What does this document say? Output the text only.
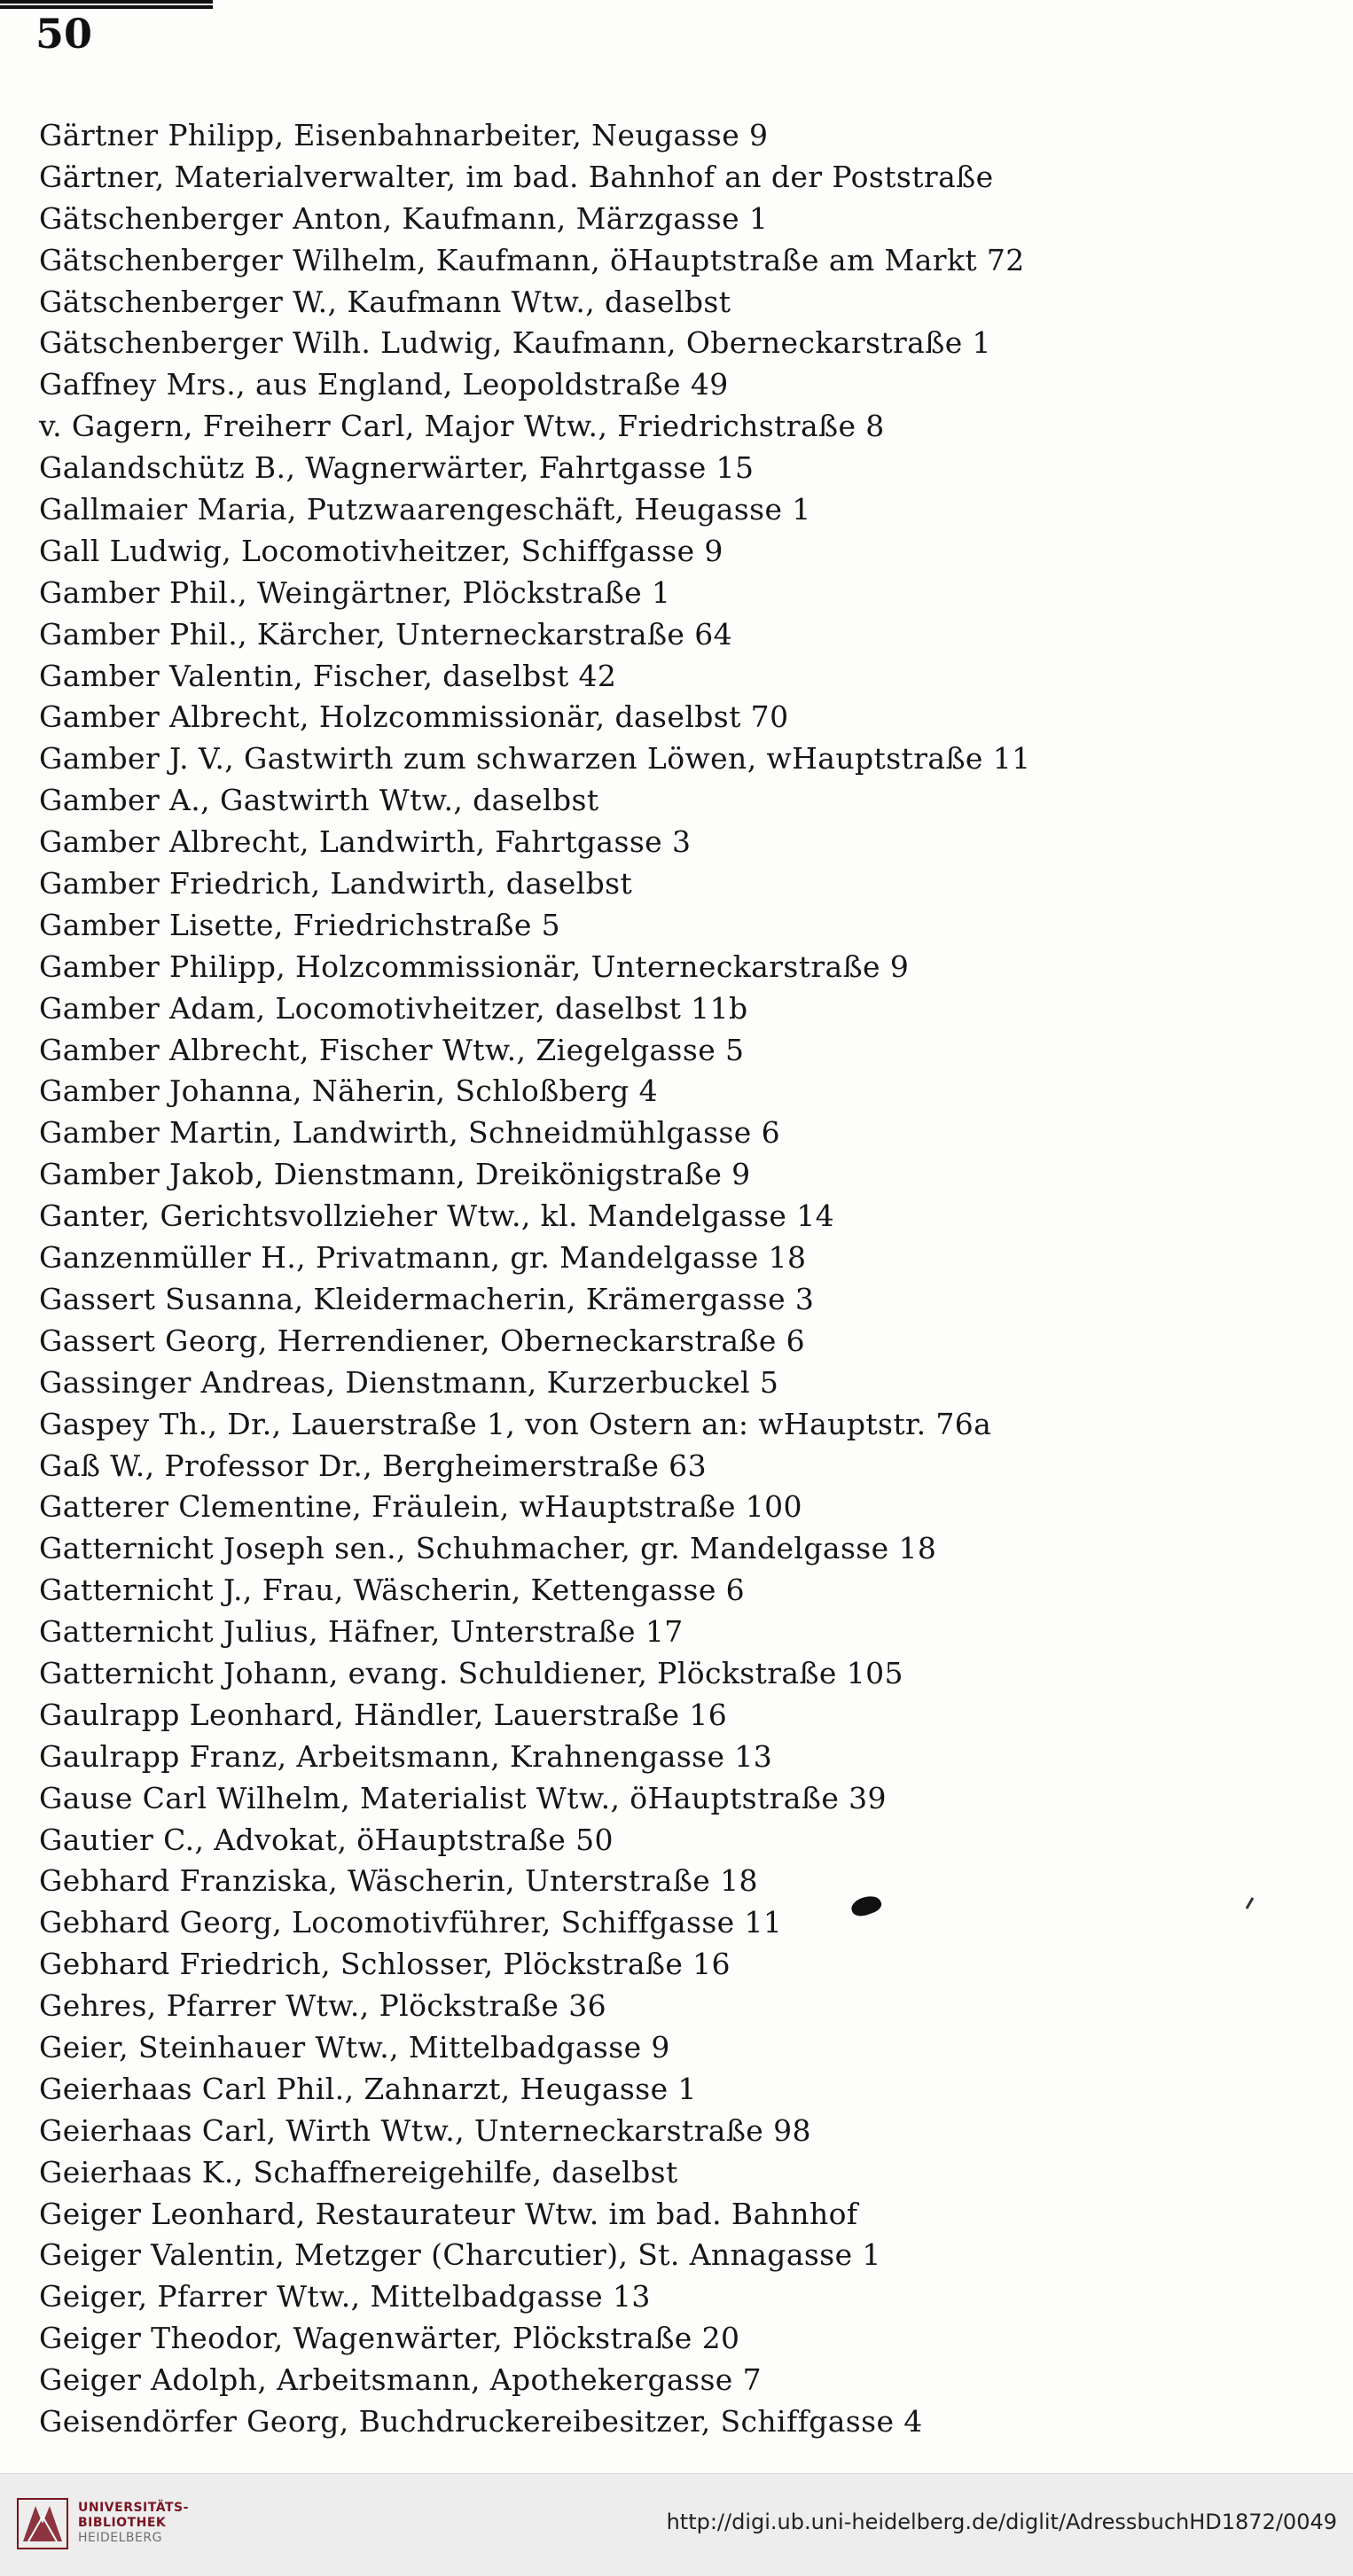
50
Gärtner Philipp, Eisenbahnarbeiter, Neugasse 9
Gärtner, Materialverwalter, im bad. Bahnhof an der Poststraße
Gätschenberger Anton, Kaufmann, Märzgasse 1
Gätschenberger Wilhelm, Kaufmann, öHauptstraße am Markt 72
Gätschenberger W., Kaufmann Wtw., daselbst
Gätschenberger Wilh. Ludwig, Kaufmann, Oberneckarstraße 1
Gaffney Mrs., aus England, Leopoldstraße 49
v. Gagern, Freiherr Carl, Major Wtw., Friedrichstraße 8
Galandschütz B., Wagnerwärter, Fahrtgasse 15
Gallmaier Maria, Putzwaarengeschäft, Heugasse 1
Gall Ludwig, Locomotivheitzer, Schiffgasse 9
Gamber Phil., Weingärtner, Plöckstraße 1
Gamber Phil., Kärcher, Unterneckarstraße 64
Gamber Valentin, Fischer, daselbst 42
Gamber Albrecht, Holzcommissionär, daselbst 70
Gamber J. V., Gastwirth zum schwarzen Löwen, wHauptstraße 11
Gamber A., Gastwirth Wtw., daselbst
Gamber Albrecht, Landwirth, Fahrtgasse 3
Gamber Friedrich, Landwirth, daselbst
Gamber Lisette, Friedrichstraße 5
Gamber Philipp, Holzcommissionär, Unterneckarstraße 9
Gamber Adam, Locomotivheitzer, daselbst 11b
Gamber Albrecht, Fischer Wtw., Ziegelgasse 5
Gamber Johanna, Näherin, Schloßberg 4
Gamber Martin, Landwirth, Schneidmühlgasse 6
Gamber Jakob, Dienstmann, Dreikönigstraße 9
Ganter, Gerichtsvollzieher Wtw., kl. Mandelgasse 14
Ganzenmüller H., Privatmann, gr. Mandelgasse 18
Gassert Susanna, Kleidermacherin, Krämergasse 3
Gassert Georg, Herrendiener, Oberneckarstraße 6
Gassinger Andreas, Dienstmann, Kurzerbuckel 5
Gaspey Th., Dr., Lauerstraße 1, von Ostern an: wHauptstr. 76a
Gaß W., Professor Dr., Bergheimerstraße 63
Gatterer Clementine, Fräulein, wHauptstraße 100
Gatternicht Joseph sen., Schuhmacher, gr. Mandelgasse 18
Gatternicht J., Frau, Wäscherin, Kettengasse 6
Gatternicht Julius, Häfner, Unterstraße 17
Gatternicht Johann, evang. Schuldiener, Plöckstraße 105
Gaulrapp Leonhard, Händler, Lauerstraße 16
Gaulrapp Franz, Arbeitsmann, Krahnengasse 13
Gause Carl Wilhelm, Materialist Wtw., öHauptstraße 39
Gautier C., Advokat, öHauptstraße 50
Gebhard Franziska, Wäscherin, Unterstraße 18
Gebhard Georg, Locomotivführer, Schiffgasse 11
Gebhard Friedrich, Schlosser, Plöckstraße 16
Gehres, Pfarrer Wtw., Plöckstraße 36
Geier, Steinhauer Wtw., Mittelbadgasse 9
Geierhaas Carl Phil., Zahnarzt, Heugasse 1
Geierhaas Carl, Wirth Wtw., Unterneckarstraße 98
Geierhaas K., Schaffnereigehilfe, daselbst
Geiger Leonhard, Restaurateur Wtw. im bad. Bahnhof
Geiger Valentin, Metzger (Charcutier), St. Annagasse 1
Geiger, Pfarrer Wtw., Mittelbadgasse 13
Geiger Theodor, Wagenwärter, Plöckstraße 20
Geiger Adolph, Arbeitsmann, Apothekergasse 7
Geisendörfer Georg, Buchdruckereibesitzer, Schiffgasse 4
UNIVERSITÄTS-
BIBLIOTHEK
HEIDELBERG
http://digi.ub.uni-heidelberg.de/diglit/AdressbuchHD1872/0049
